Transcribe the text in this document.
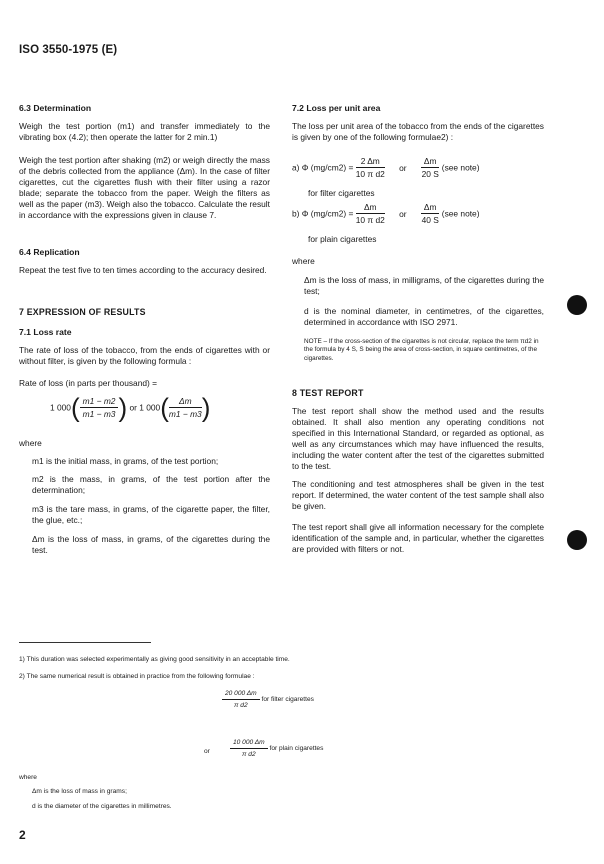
ISO 3550-1975 (E)
6.3 Determination
Weigh the test portion (m1) and transfer immediately to the vibrating box (4.2); then operate the latter for 2 min.1)
Weigh the test portion after shaking (m2) or weigh directly the mass of the debris collected from the appliance (Δm). In the case of filter cigarettes, cut the cigarettes flush with their filter using a razor blade; separate the tobacco from the paper. Weigh the filters as well as the paper (m3). Weigh also the tobacco. Calculate the result in accordance with the expressions given in clause 7.
6.4 Replication
Repeat the test five to ten times according to the accuracy desired.
7 EXPRESSION OF RESULTS
7.1 Loss rate
The rate of loss of the tobacco, from the ends of cigarettes with or without filter, is given by the following formula :
Rate of loss (in parts per thousand) =
1 $000( \frac{m1 - m2}{m1 - m3}$ ) or 1 $000( \frac{\Delta m}{m1 - m3}$ )
where
m1 is the initial mass, in grams, of the test portion;
m2 is the mass, in grams, of the test portion after the determination;
m3 is the tare mass, in grams, of the cigarette paper, the filter, the glue, etc.;
Δm is the loss of mass, in grams, of the cigarettes during the test.
7.2 Loss per unit area
The loss per unit area of the tobacco from the ends of the cigarettes is given by one of the following formulae2) :
a) Φ $(mg/cm2) = \frac{2 \Delta m}{\text{10 π d2}}$ or $\frac{\Delta m}{20 S} (see$ note)
for filter cigarettes
b) Φ $(mg/cm2) = \frac{\Delta m}{\text{10 π d2}}$ or $\frac{\Delta m}{40 S} (see$ note)
for plain cigarettes
where
Δm is the loss of mass, in milligrams, of the cigarettes during the test;
d is the nominal diameter, in centimetres, of the cigarettes, determined in accordance with ISO 2971.
NOTE – If the cross-section of the cigarettes is not circular, replace the term πd2 in the formula by 4 S, S being the area of cross-section, in square centimetres, of the cigarettes.
8 TEST REPORT
The test report shall show the method used and the results obtained. It shall also mention any operating conditions not specified in this International Standard, or regarded as optional, as well as any circumstances which may have influenced the results, including the water content after the test of the cigarettes submitted to the test.
The conditioning and test atmospheres shall be given in the test report. If determined, the water content of the test sample shall also be given.
The test report shall give all information necessary for the complete identification of the sample and, in particular, whether the cigarettes are provided with filters or not.
1) This duration was selected experimentally as giving good sensitivity in an acceptable time.
2) The same numerical result is obtained in practice from the following formulae :
$\frac{20 000 \Delta m}{\text{π d2}}$ for filter cigarettes
or	$\frac{10 000 \Delta m}{\text{π d2}}$ for plain cigarettes
where
Δm is the loss of mass in grams;
d is the diameter of the cigarettes in millimetres.
2
